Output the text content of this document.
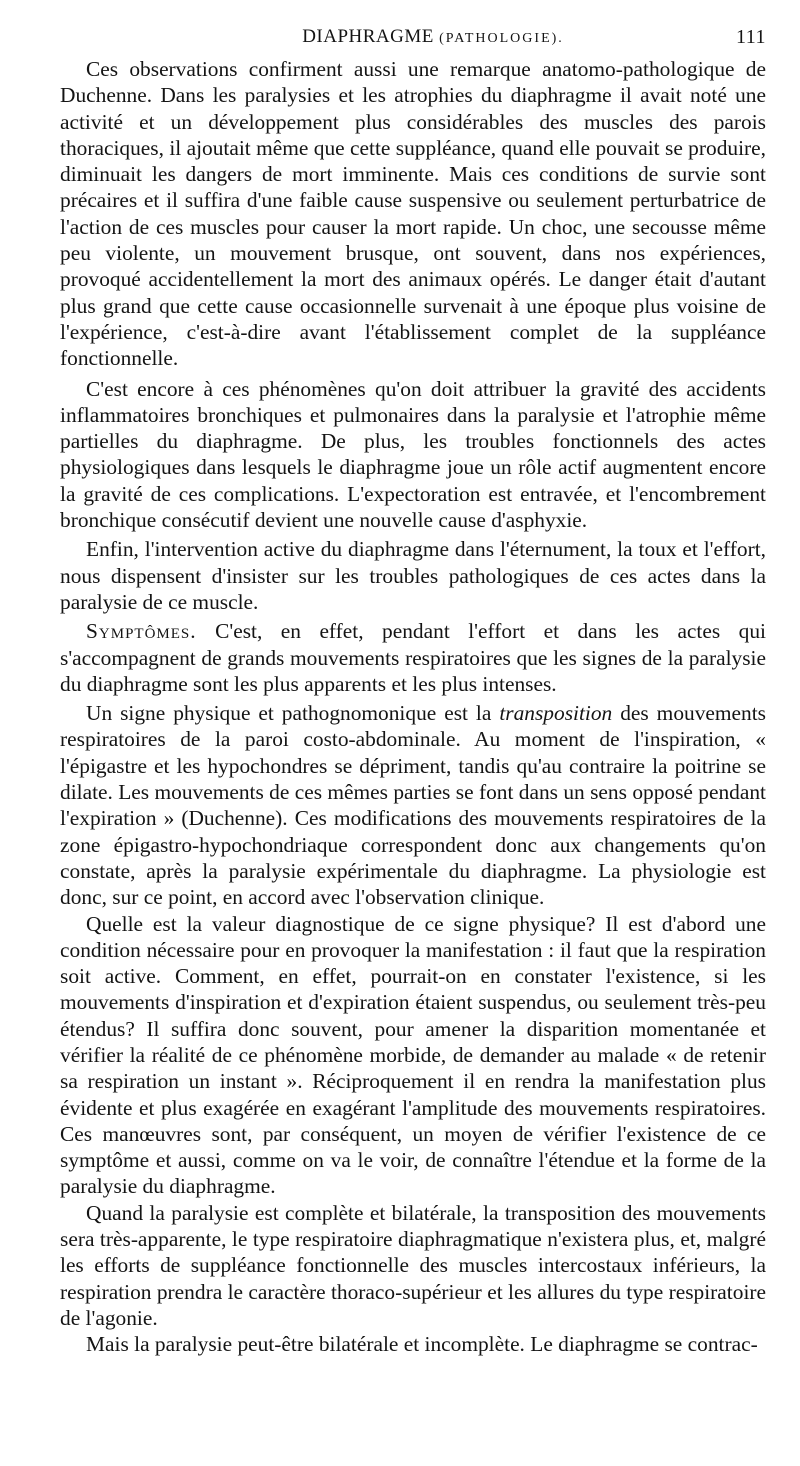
DIAPHRAGME (PATHOLOGIE).	111

Ces observations confirment aussi une remarque anatomo-pathologique de Duchenne. Dans les paralysies et les atrophies du diaphragme il avait noté une activité et un développement plus considérables des muscles des parois thoraciques, il ajoutait même que cette suppléance, quand elle pouvait se produire, diminuait les dangers de mort imminente. Mais ces conditions de survie sont précaires et il suffira d'une faible cause suspensive ou seulement perturbatrice de l'action de ces muscles pour causer la mort rapide. Un choc, une secousse même peu violente, un mouvement brusque, ont souvent, dans nos expériences, provoqué accidentellement la mort des animaux opérés. Le danger était d'autant plus grand que cette cause occasionnelle survenait à une époque plus voisine de l'expérience, c'est-à-dire avant l'établissement complet de la suppléance fonctionnelle.

C'est encore à ces phénomènes qu'on doit attribuer la gravité des accidents inflammatoires bronchiques et pulmonaires dans la paralysie et l'atrophie même partielles du diaphragme. De plus, les troubles fonctionnels des actes physiologiques dans lesquels le diaphragme joue un rôle actif augmentent encore la gravité de ces complications. L'expectoration est entravée, et l'encombrement bronchique consécutif devient une nouvelle cause d'asphyxie.

Enfin, l'intervention active du diaphragme dans l'éternument, la toux et l'effort, nous dispensent d'insister sur les troubles pathologiques de ces actes dans la paralysie de ce muscle.

Symptômes. C'est, en effet, pendant l'effort et dans les actes qui s'accompagnent de grands mouvements respiratoires que les signes de la paralysie du diaphragme sont les plus apparents et les plus intenses.

Un signe physique et pathognomonique est la transposition des mouvements respiratoires de la paroi costo-abdominale. Au moment de l'inspiration, « l'épigastre et les hypochondres se dépriment, tandis qu'au contraire la poitrine se dilate. Les mouvements de ces mêmes parties se font dans un sens opposé pendant l'expiration » (Duchenne). Ces modifications des mouvements respiratoires de la zone épigastro-hypochondriaque correspondent donc aux changements qu'on constate, après la paralysie expérimentale du diaphragme. La physiologie est donc, sur ce point, en accord avec l'observation clinique.

Quelle est la valeur diagnostique de ce signe physique? Il est d'abord une condition nécessaire pour en provoquer la manifestation : il faut que la respiration soit active. Comment, en effet, pourrait-on en constater l'existence, si les mouvements d'inspiration et d'expiration étaient suspendus, ou seulement très-peu étendus? Il suffira donc souvent, pour amener la disparition momentanée et vérifier la réalité de ce phénomène morbide, de demander au malade « de retenir sa respiration un instant ». Réciproquement il en rendra la manifestation plus évidente et plus exagérée en exagérant l'amplitude des mouvements respiratoires. Ces manœuvres sont, par conséquent, un moyen de vérifier l'existence de ce symptôme et aussi, comme on va le voir, de connaître l'étendue et la forme de la paralysie du diaphragme.

Quand la paralysie est complète et bilatérale, la transposition des mouvements sera très-apparente, le type respiratoire diaphragmatique n'existera plus, et, malgré les efforts de suppléance fonctionnelle des muscles intercostaux inférieurs, la respiration prendra le caractère thoraco-supérieur et les allures du type respiratoire de l'agonie.

Mais la paralysie peut-être bilatérale et incomplète. Le diaphragme se contrac-
